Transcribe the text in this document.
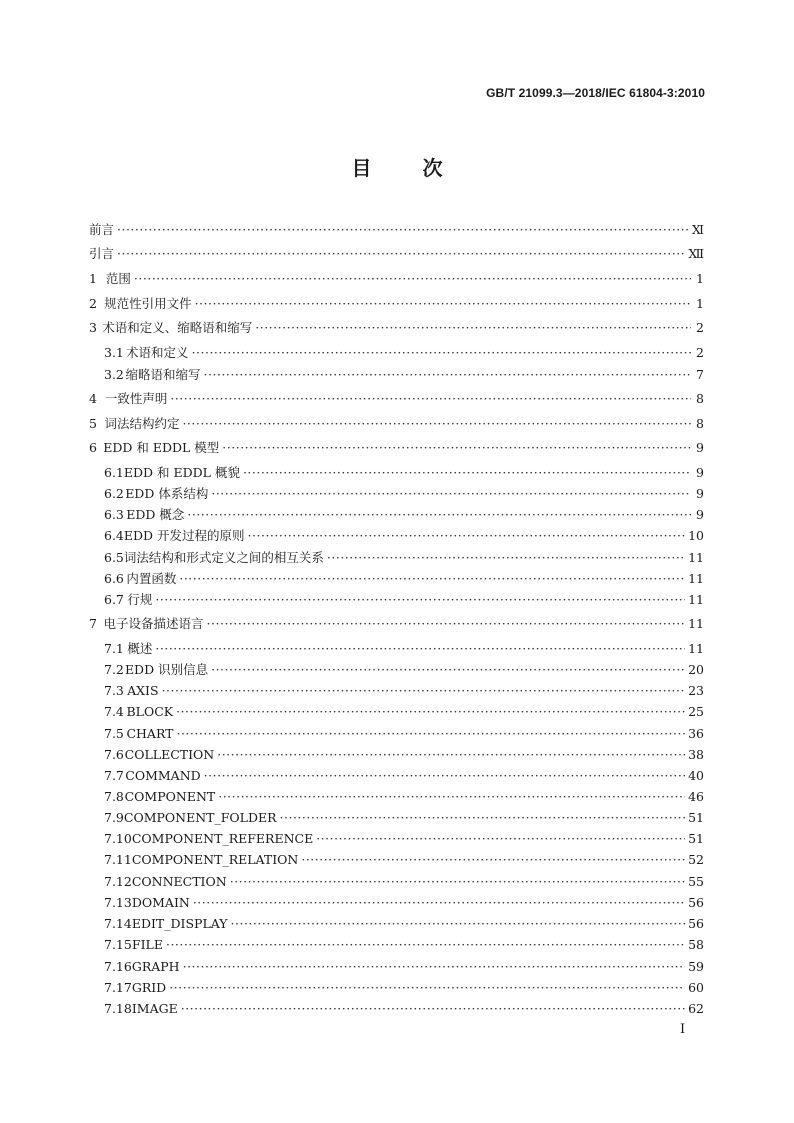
GB/T 21099.3—2018/IEC 61804-3:2010
目	次
前言 ·····	Ⅺ
引言 ·····	Ⅻ
1 范围 ·····	1
2 规范性引用文件 ·····	1
3 术语和定义、缩略语和缩写 ·····	2
3.1 术语和定义 ·····	2
3.2 缩略语和缩写 ·····	7
4 一致性声明 ·····	8
5 词法结构约定 ·····	8
6 EDD 和 EDDL 模型 ·····	9
6.1 EDD 和 EDDL 概貌 ·····	9
6.2 EDD 体系结构 ·····	9
6.3 EDD 概念 ·····	9
6.4 EDD 开发过程的原则 ·····	10
6.5 词法结构和形式定义之间的相互关系 ·····	11
6.6 内置函数 ·····	11
6.7 行规 ·····	11
7 电子设备描述语言 ·····	11
7.1 概述 ·····	11
7.2 EDD 识别信息 ·····	20
7.3 AXIS ·····	23
7.4 BLOCK ·····	25
7.5 CHART ·····	36
7.6 COLLECTION ·····	38
7.7 COMMAND ·····	40
7.8 COMPONENT ·····	46
7.9 COMPONENT_FOLDER ·····	51
7.10 COMPONENT_REFERENCE ·····	51
7.11 COMPONENT_RELATION ·····	52
7.12 CONNECTION ·····	55
7.13 DOMAIN ·····	56
7.14 EDIT_DISPLAY ·····	56
7.15 FILE ·····	58
7.16 GRAPH ·····	59
7.17 GRID ·····	60
7.18 IMAGE ·····	62
I
